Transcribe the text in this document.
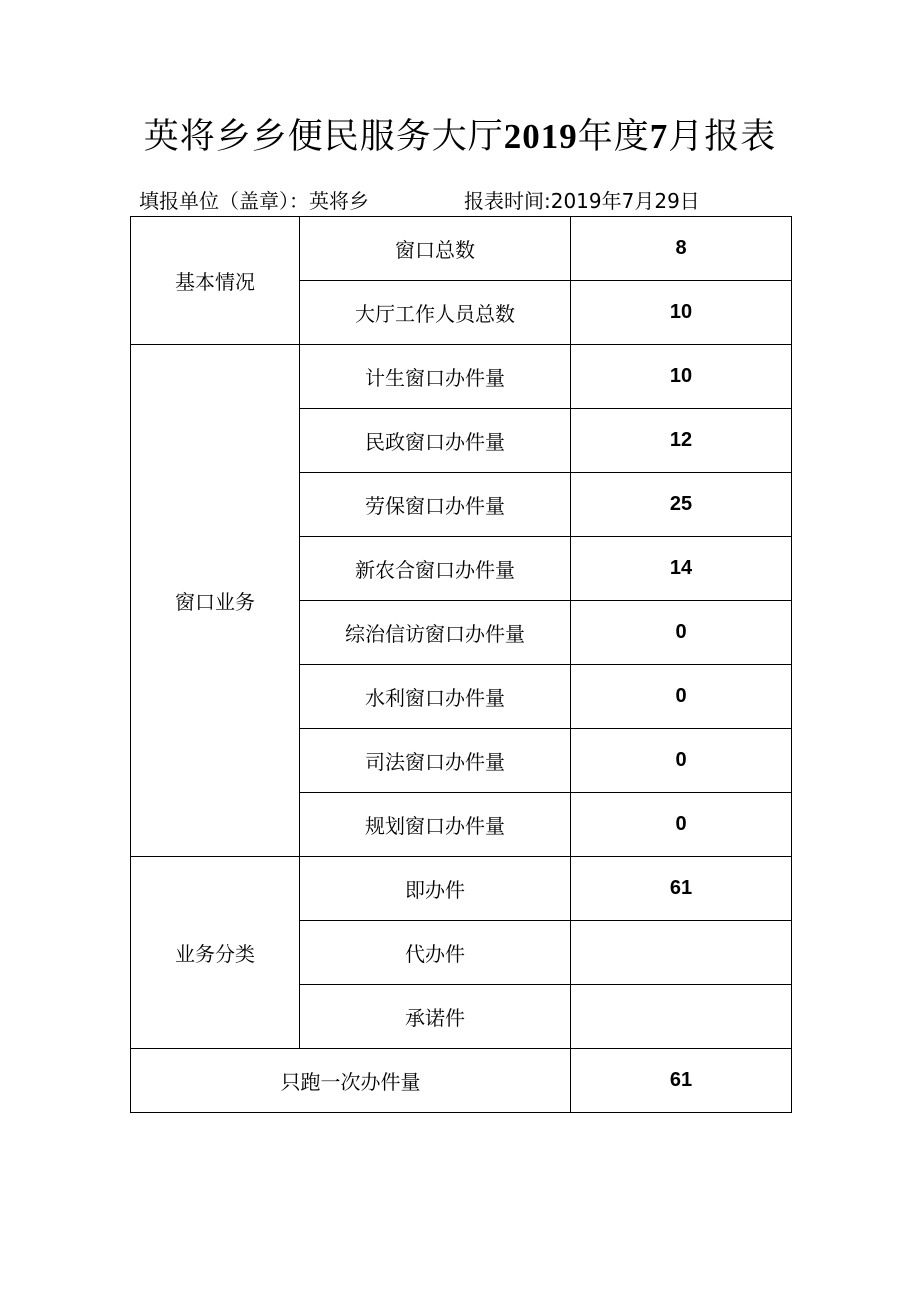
英将乡乡便民服务大厅2019年度7月报表
填报单位（盖章）：英将乡	报表时间:2019年7月29日
基本情况	窗口总数	8
	大厅工作人员总数	10
窗口业务	计生窗口办件量	10
	民政窗口办件量	12
	劳保窗口办件量	25
	新农合窗口办件量	14
	综治信访窗口办件量	0
	水利窗口办件量	0
	司法窗口办件量	0
	规划窗口办件量	0
业务分类	即办件	61
	代办件	
	承诺件	
只跑一次办件量		61
